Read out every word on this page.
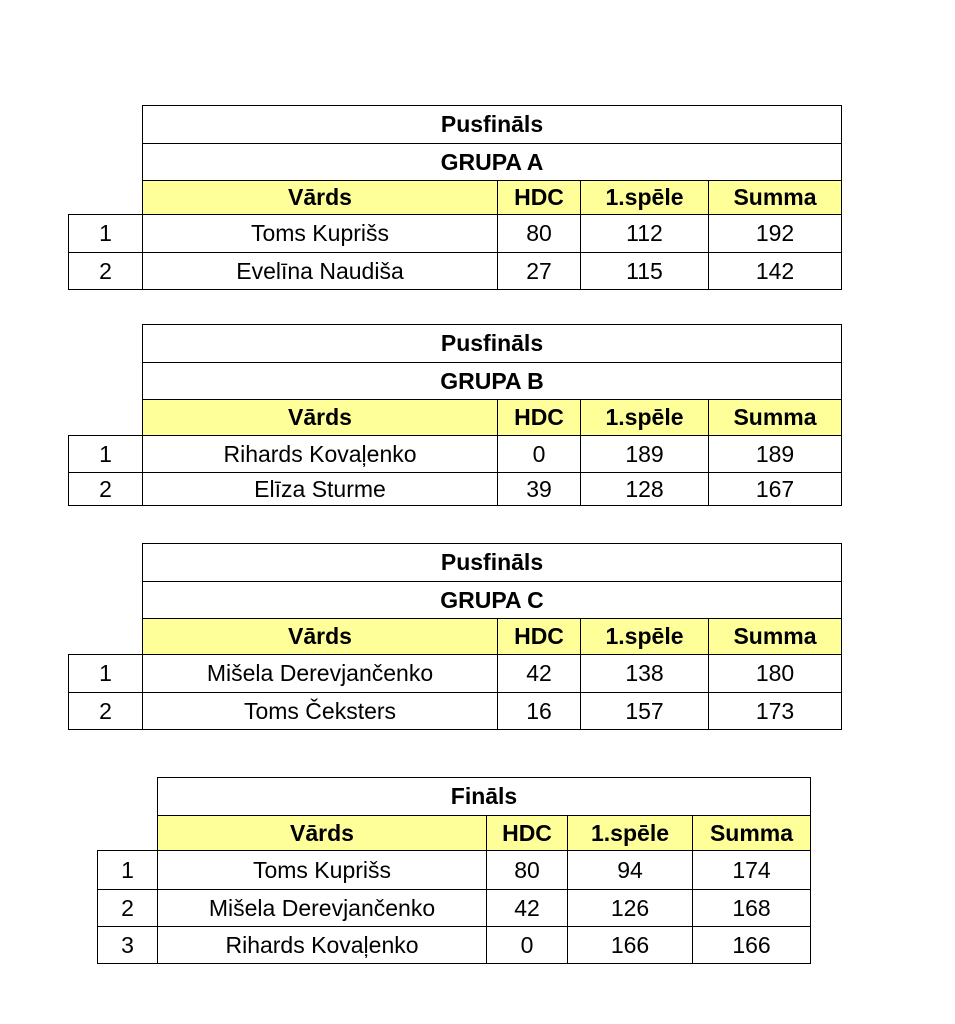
	Pusfināls			
	GRUPA A			
	Vārds	HDC	1.spēle	Summa
1	Toms Kuprišs	80	112	192
2	Evelīna Naudiša	27	115	142
	Pusfināls			
	GRUPA B			
	Vārds	HDC	1.spēle	Summa
1	Rihards Kovaļenko	0	189	189
2	Elīza Sturme	39	128	167
	Pusfināls			
	GRUPA C			
	Vārds	HDC	1.spēle	Summa
1	Mišela Derevjančenko	42	138	180
2	Toms Čeksters	16	157	173
	Fināls			
	Vārds	HDC	1.spēle	Summa
1	Toms Kuprišs	80	94	174
2	Mišela Derevjančenko	42	126	168
3	Rihards Kovaļenko	0	166	166
